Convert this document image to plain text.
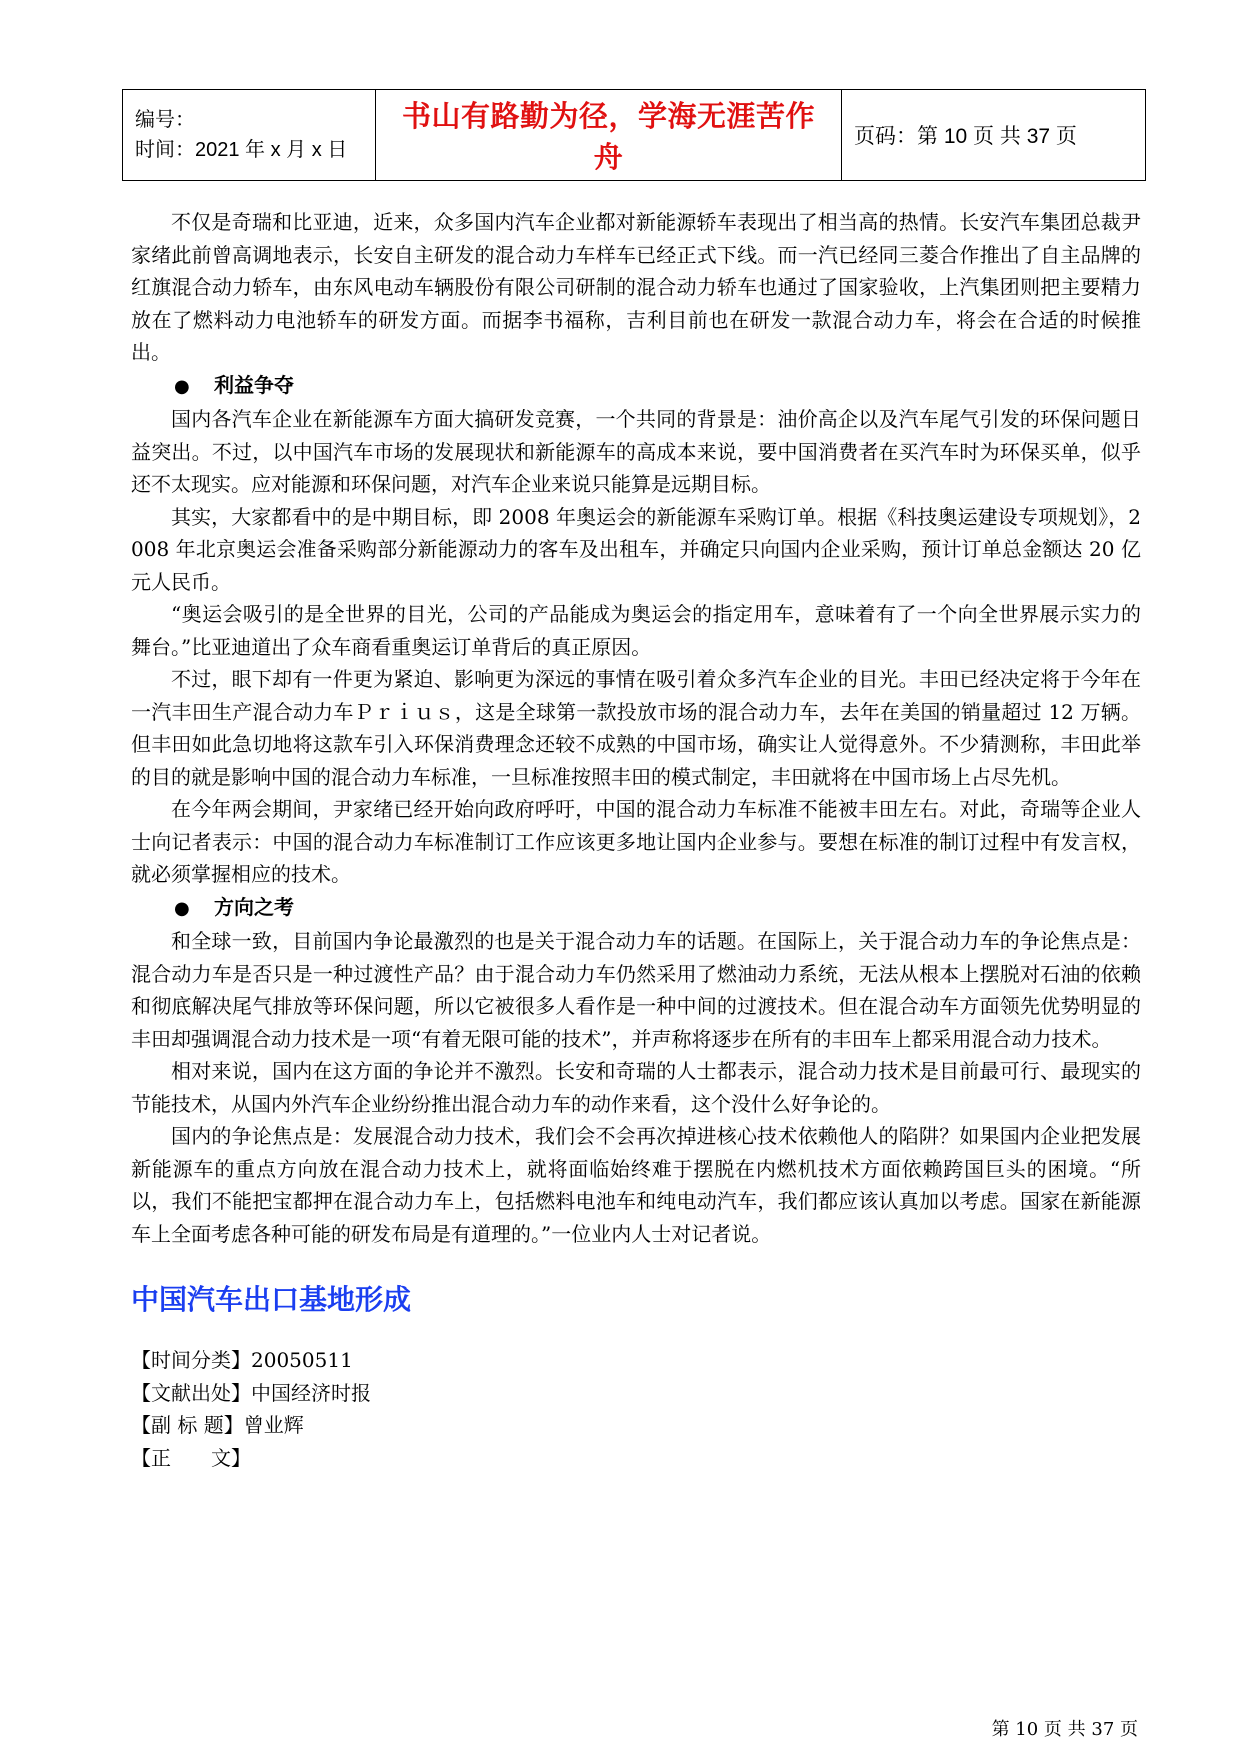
编号：
时间：2021 年 x 月 x 日
	书山有路勤为径，学海无涯苦作舟	页码：第 10 页 共 37 页

不仅是奇瑞和比亚迪，近来，众多国内汽车企业都对新能源轿车表现出了相当高的热情。长安汽车集团总裁尹家绪此前曾高调地表示，长安自主研发的混合动力车样车已经正式下线。而一汽已经同三菱合作推出了自主品牌的红旗混合动力轿车，由东风电动车辆股份有限公司研制的混合动力轿车也通过了国家验收，上汽集团则把主要精力放在了燃料动力电池轿车的研发方面。而据李书福称，吉利目前也在研发一款混合动力车，将会在合适的时候推出。

● 利益争夺

国内各汽车企业在新能源车方面大搞研发竞赛，一个共同的背景是：油价高企以及汽车尾气引发的环保问题日益突出。不过，以中国汽车市场的发展现状和新能源车的高成本来说，要中国消费者在买汽车时为环保买单，似乎还不太现实。应对能源和环保问题，对汽车企业来说只能算是远期目标。

其实，大家都看中的是中期目标，即 2008 年奥运会的新能源车采购订单。根据《科技奥运建设专项规划》，2008 年北京奥运会准备采购部分新能源动力的客车及出租车，并确定只向国内企业采购，预计订单总金额达 20 亿元人民币。

“奥运会吸引的是全世界的目光，公司的产品能成为奥运会的指定用车，意味着有了一个向全世界展示实力的舞台。”比亚迪道出了众车商看重奥运订单背后的真正原因。

不过，眼下却有一件更为紧迫、影响更为深远的事情在吸引着众多汽车企业的目光。丰田已经决定将于今年在一汽丰田生产混合动力车Ｐｒｉｕｓ，这是全球第一款投放市场的混合动力车，去年在美国的销量超过 12 万辆。但丰田如此急切地将这款车引入环保消费理念还较不成熟的中国市场，确实让人觉得意外。不少猜测称，丰田此举的目的就是影响中国的混合动力车标准，一旦标准按照丰田的模式制定，丰田就将在中国市场上占尽先机。

在今年两会期间，尹家绪已经开始向政府呼吁，中国的混合动力车标准不能被丰田左右。对此，奇瑞等企业人士向记者表示：中国的混合动力车标准制订工作应该更多地让国内企业参与。要想在标准的制订过程中有发言权，就必须掌握相应的技术。

● 方向之考

和全球一致，目前国内争论最激烈的也是关于混合动力车的话题。在国际上，关于混合动力车的争论焦点是：混合动力车是否只是一种过渡性产品？由于混合动力车仍然采用了燃油动力系统，无法从根本上摆脱对石油的依赖和彻底解决尾气排放等环保问题，所以它被很多人看作是一种中间的过渡技术。但在混合动车方面领先优势明显的丰田却强调混合动力技术是一项“有着无限可能的技术”，并声称将逐步在所有的丰田车上都采用混合动力技术。

相对来说，国内在这方面的争论并不激烈。长安和奇瑞的人士都表示，混合动力技术是目前最可行、最现实的节能技术，从国内外汽车企业纷纷推出混合动力车的动作来看，这个没什么好争论的。

国内的争论焦点是：发展混合动力技术，我们会不会再次掉进核心技术依赖他人的陷阱？如果国内企业把发展新能源车的重点方向放在混合动力技术上，就将面临始终难于摆脱在内燃机技术方面依赖跨国巨头的困境。“所以，我们不能把宝都押在混合动力车上，包括燃料电池车和纯电动汽车，我们都应该认真加以考虑。国家在新能源车上全面考虑各种可能的研发布局是有道理的。”一位业内人士对记者说。

中国汽车出口基地形成

【时间分类】20050511

【文献出处】中国经济时报

【副 标 题】曾业辉

【正　　文】

第 10 页 共 37 页
